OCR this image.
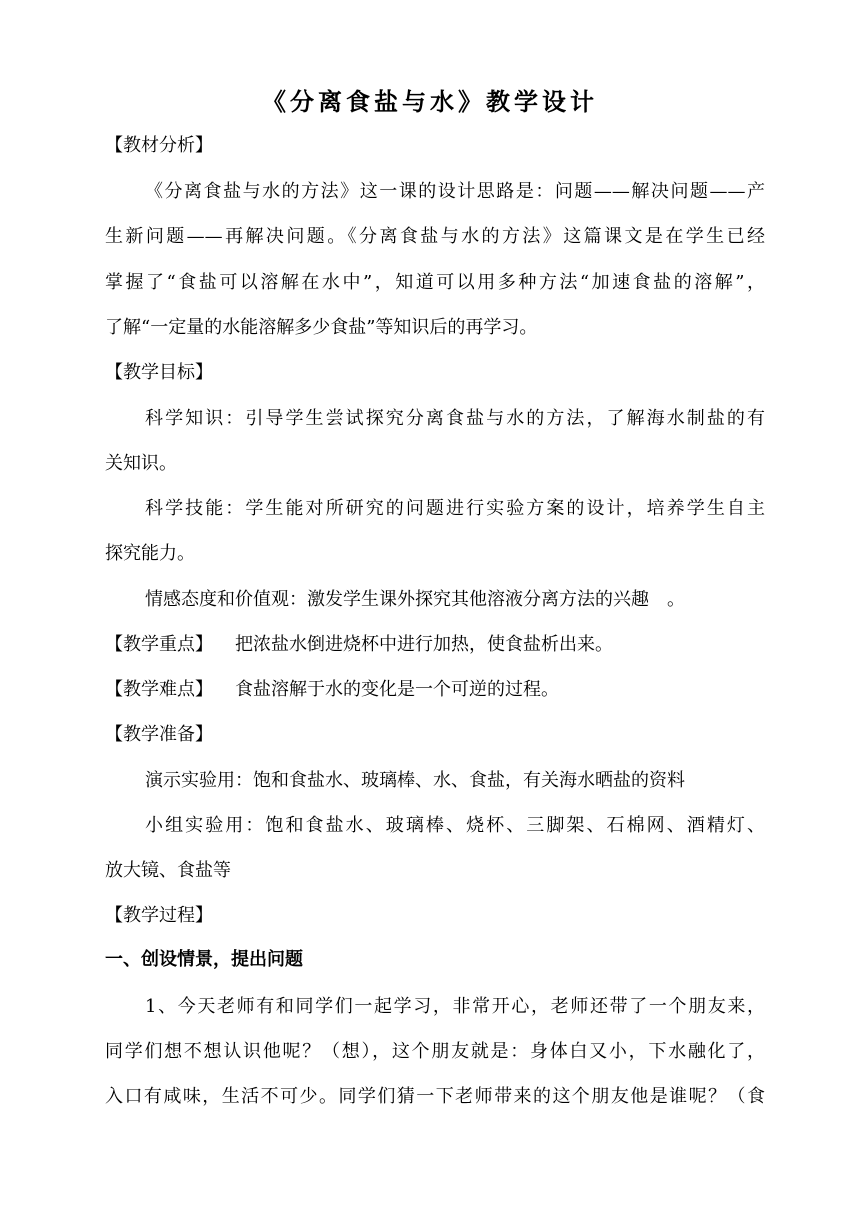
《分离食盐与水》教学设计
【教材分析】
《分离食盐与水的方法》这一课的设计思路是：问题——解决问题——产
生新问题——再解决问题。《分离食盐与水的方法》这篇课文是在学生已经
掌握了“食盐可以溶解在水中”，知道可以用多种方法“加速食盐的溶解”，
了解“一定量的水能溶解多少食盐”等知识后的再学习。
【教学目标】
科学知识：引导学生尝试探究分离食盐与水的方法，了解海水制盐的有
关知识。
科学技能：学生能对所研究的问题进行实验方案的设计，培养学生自主
探究能力。
情感态度和价值观：激发学生课外探究其他溶液分离方法的兴趣　。
【教学重点】 把浓盐水倒进烧杯中进行加热，使食盐析出来。
【教学难点】 食盐溶解于水的变化是一个可逆的过程。
【教学准备】
演示实验用：饱和食盐水、玻璃棒、水、食盐，有关海水晒盐的资料
小组实验用：饱和食盐水、玻璃棒、烧杯、三脚架、石棉网、酒精灯、
放大镜、食盐等
【教学过程】
一、创设情景，提出问题
1、今天老师有和同学们一起学习，非常开心，老师还带了一个朋友来，
同学们想不想认识他呢？（想），这个朋友就是：身体白又小，下水融化了，
入口有咸味，生活不可少。同学们猜一下老师带来的这个朋友他是谁呢？（食
